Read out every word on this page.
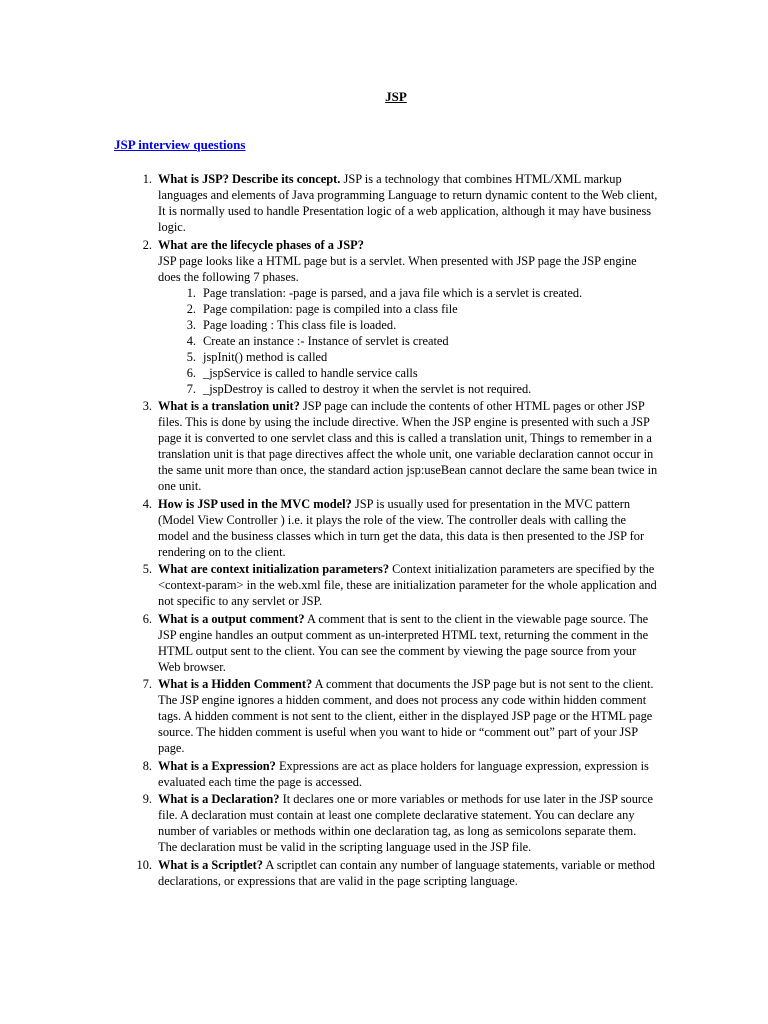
JSP
JSP interview questions
1. What is JSP? Describe its concept. JSP is a technology that combines HTML/XML markup languages and elements of Java programming Language to return dynamic content to the Web client, It is normally used to handle Presentation logic of a web application, although it may have business logic.
2. What are the lifecycle phases of a JSP?
JSP page looks like a HTML page but is a servlet. When presented with JSP page the JSP engine does the following 7 phases.
1. Page translation: -page is parsed, and a java file which is a servlet is created.
2. Page compilation: page is compiled into a class file
3. Page loading : This class file is loaded.
4. Create an instance :- Instance of servlet is created
5. jspInit() method is called
6. _jspService is called to handle service calls
7. _jspDestroy is called to destroy it when the servlet is not required.
3. What is a translation unit? JSP page can include the contents of other HTML pages or other JSP files. This is done by using the include directive. When the JSP engine is presented with such a JSP page it is converted to one servlet class and this is called a translation unit, Things to remember in a translation unit is that page directives affect the whole unit, one variable declaration cannot occur in the same unit more than once, the standard action jsp:useBean cannot declare the same bean twice in one unit.
4. How is JSP used in the MVC model? JSP is usually used for presentation in the MVC pattern (Model View Controller ) i.e. it plays the role of the view. The controller deals with calling the model and the business classes which in turn get the data, this data is then presented to the JSP for rendering on to the client.
5. What are context initialization parameters? Context initialization parameters are specified by the <context-param> in the web.xml file, these are initialization parameter for the whole application and not specific to any servlet or JSP.
6. What is a output comment? A comment that is sent to the client in the viewable page source. The JSP engine handles an output comment as un-interpreted HTML text, returning the comment in the HTML output sent to the client. You can see the comment by viewing the page source from your Web browser.
7. What is a Hidden Comment? A comment that documents the JSP page but is not sent to the client. The JSP engine ignores a hidden comment, and does not process any code within hidden comment tags. A hidden comment is not sent to the client, either in the displayed JSP page or the HTML page source. The hidden comment is useful when you want to hide or “comment out” part of your JSP page.
8. What is a Expression? Expressions are act as place holders for language expression, expression is evaluated each time the page is accessed.
9. What is a Declaration? It declares one or more variables or methods for use later in the JSP source file. A declaration must contain at least one complete declarative statement. You can declare any number of variables or methods within one declaration tag, as long as semicolons separate them. The declaration must be valid in the scripting language used in the JSP file.
10. What is a Scriptlet? A scriptlet can contain any number of language statements, variable or method declarations, or expressions that are valid in the page scripting language.
